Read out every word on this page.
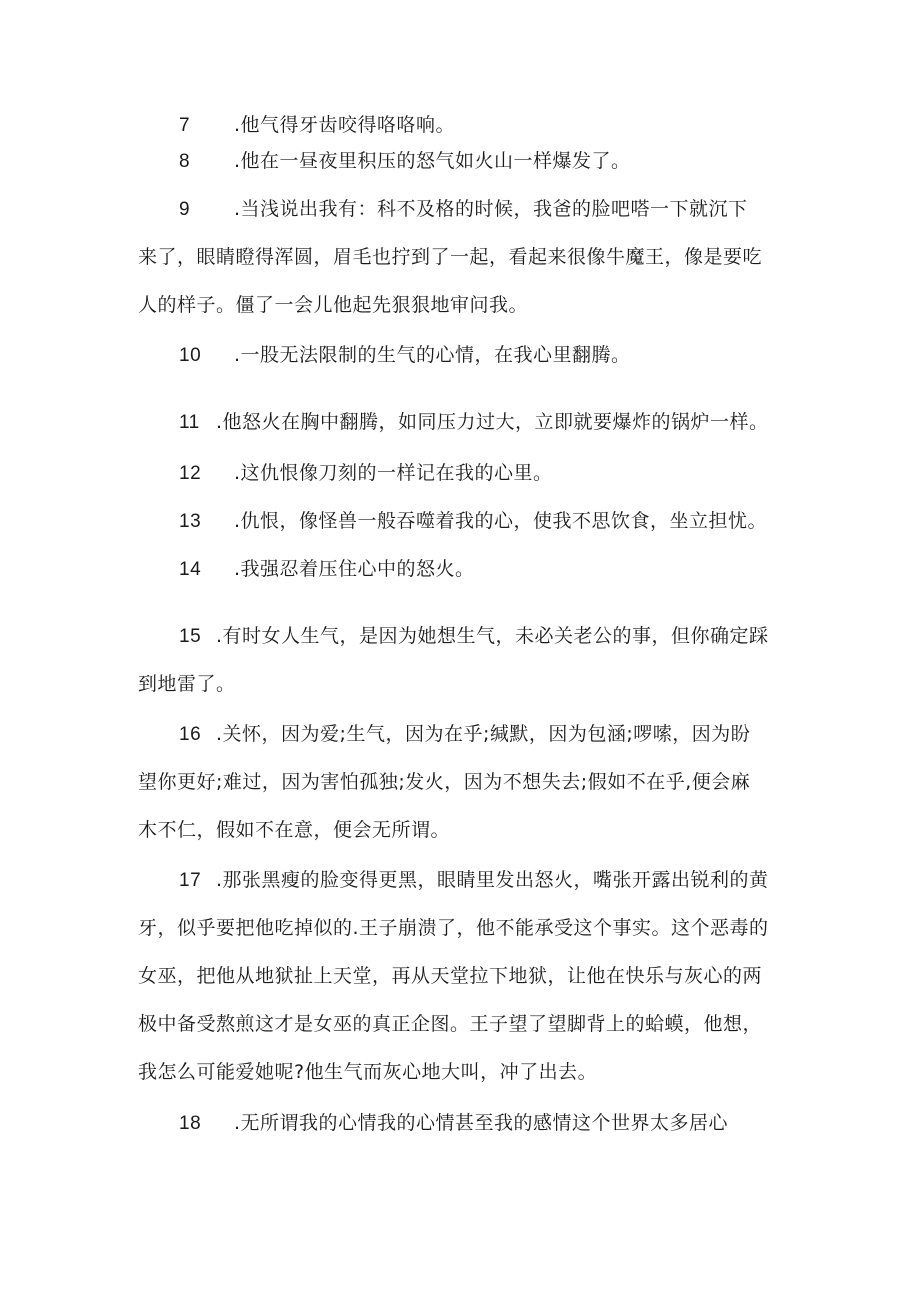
7 .他气得牙齿咬得咯咯响。
8 .他在一昼夜里积压的怒气如火山一样爆发了。
9 .当浅说出我有：科不及格的时候，我爸的脸吧嗒一下就沉下
来了，眼睛瞪得浑圆，眉毛也拧到了一起，看起来很像牛魔王，像是要吃
人的样子。僵了一会儿他起先狠狠地审问我。
10 .一股无法限制的生气的心情，在我心里翻腾。
11 .他怒火在胸中翻腾，如同压力过大，立即就要爆炸的锅炉一样。
12 .这仇恨像刀刻的一样记在我的心里。
13 .仇恨，像怪兽一般吞噬着我的心，使我不思饮食，坐立担忧。
14 .我强忍着压住心中的怒火。
15 .有时女人生气，是因为她想生气，未必关老公的事，但你确定踩
到地雷了。
16 .关怀，因为爱;生气，因为在乎;缄默，因为包涵;啰嗦，因为盼
望你更好;难过，因为害怕孤独;发火，因为不想失去;假如不在乎,便会麻
木不仁，假如不在意，便会无所谓。
17 .那张黑瘦的脸变得更黑，眼睛里发出怒火，嘴张开露出锐利的黄
牙，似乎要把他吃掉似的.王子崩溃了，他不能承受这个事实。这个恶毒的
女巫，把他从地狱扯上天堂，再从天堂拉下地狱，让他在快乐与灰心的两
极中备受熬煎这才是女巫的真正企图。王子望了望脚背上的蛤蟆，他想，
我怎么可能爱她呢?他生气而灰心地大叫，冲了出去。
18 .无所谓我的心情我的心情甚至我的感情这个世界太多居心
